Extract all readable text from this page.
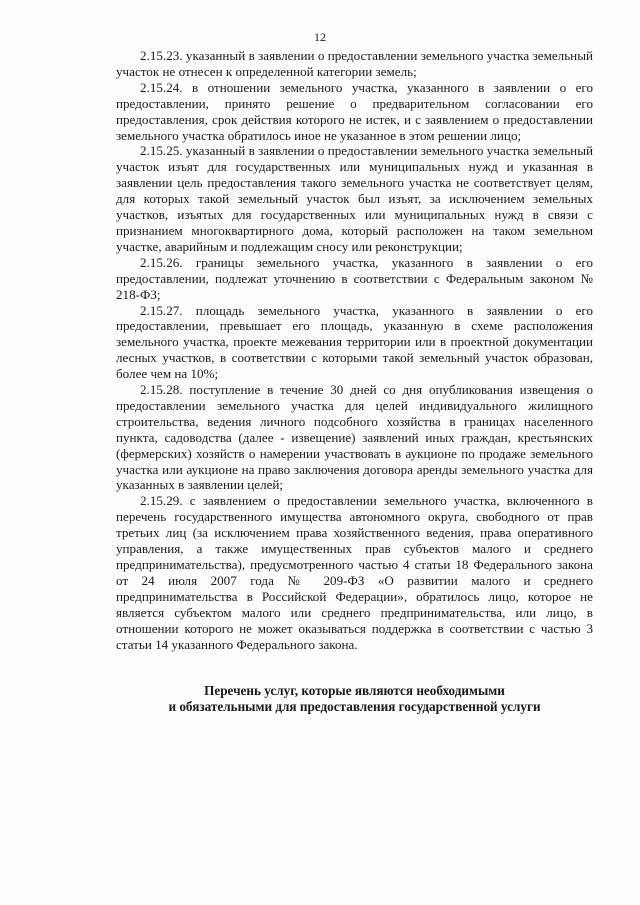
12

2.15.23. указанный в заявлении о предоставлении земельного участка земельный участок не отнесен к определенной категории земель;

2.15.24. в отношении земельного участка, указанного в заявлении о его предоставлении, принято решение о предварительном согласовании его предоставления, срок действия которого не истек, и с заявлением о предоставлении земельного участка обратилось иное не указанное в этом решении лицо;

2.15.25. указанный в заявлении о предоставлении земельного участка земельный участок изъят для государственных или муниципальных нужд и указанная в заявлении цель предоставления такого земельного участка не соответствует целям, для которых такой земельный участок был изъят, за исключением земельных участков, изъятых для государственных или муниципальных нужд в связи с признанием многоквартирного дома, который расположен на таком земельном участке, аварийным и подлежащим сносу или реконструкции;

2.15.26. границы земельного участка, указанного в заявлении о его предоставлении, подлежат уточнению в соответствии с Федеральным законом № 218-ФЗ;

2.15.27. площадь земельного участка, указанного в заявлении о его предоставлении, превышает его площадь, указанную в схеме расположения земельного участка, проекте межевания территории или в проектной документации лесных участков, в соответствии с которыми такой земельный участок образован, более чем на 10%;

2.15.28. поступление в течение 30 дней со дня опубликования извещения о предоставлении земельного участка для целей индивидуального жилищного строительства, ведения личного подсобного хозяйства в границах населенного пункта, садоводства (далее - извещение) заявлений иных граждан, крестьянских (фермерских) хозяйств о намерении участвовать в аукционе по продаже земельного участка или аукционе на право заключения договора аренды земельного участка для указанных в заявлении целей;

2.15.29. с заявлением о предоставлении земельного участка, включенного в перечень государственного имущества автономного округа, свободного от прав третьих лиц (за исключением права хозяйственного ведения, права оперативного управления, а также имущественных прав субъектов малого и среднего предпринимательства), предусмотренного частью 4 статьи 18 Федерального закона от 24 июля 2007 года № 209-ФЗ «О развитии малого и среднего предпринимательства в Российской Федерации», обратилось лицо, которое не является субъектом малого или среднего предпринимательства, или лицо, в отношении которого не может оказываться поддержка в соответствии с частью 3 статьи 14 указанного Федерального закона.

Перечень услуг, которые являются необходимыми
и обязательными для предоставления государственной услуги
